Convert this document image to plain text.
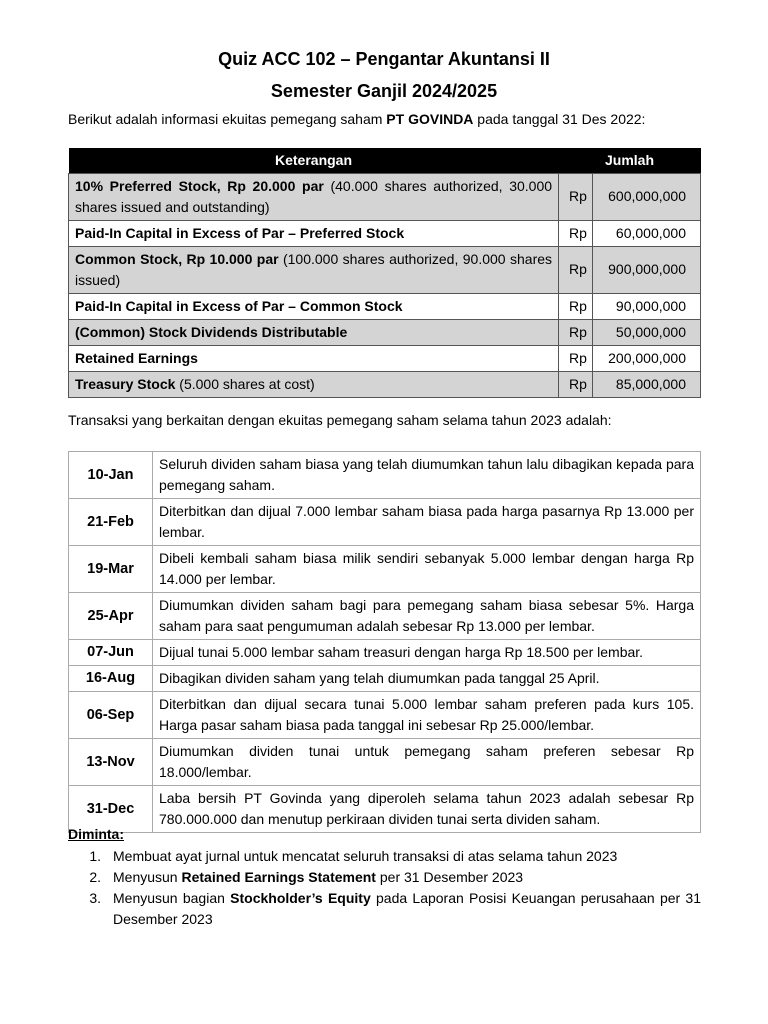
Quiz ACC 102 – Pengantar Akuntansi II
Semester Ganjil 2024/2025
Berikut adalah informasi ekuitas pemegang saham PT GOVINDA pada tanggal 31 Des 2022:
Keterangan	Jumlah	
10% Preferred Stock, Rp 20.000 par (40.000 shares authorized, 30.000 shares issued and outstanding)	Rp	600,000,000
Paid-In Capital in Excess of Par – Preferred Stock	Rp	60,000,000
Common Stock, Rp 10.000 par (100.000 shares authorized, 90.000 shares issued)	Rp	900,000,000
Paid-In Capital in Excess of Par – Common Stock	Rp	90,000,000
(Common) Stock Dividends Distributable	Rp	50,000,000
Retained Earnings	Rp	200,000,000
Treasury Stock (5.000 shares at cost)	Rp	85,000,000
Transaksi yang berkaitan dengan ekuitas pemegang saham selama tahun 2023 adalah:
10-Jan	Seluruh dividen saham biasa yang telah diumumkan tahun lalu dibagikan kepada para pemegang saham.
21-Feb	Diterbitkan dan dijual 7.000 lembar saham biasa pada harga pasarnya Rp 13.000 per lembar.
19-Mar	Dibeli kembali saham biasa milik sendiri sebanyak 5.000 lembar dengan harga Rp 14.000 per lembar.
25-Apr	Diumumkan dividen saham bagi para pemegang saham biasa sebesar 5%. Harga saham para saat pengumuman adalah sebesar Rp 13.000 per lembar.
07-Jun	Dijual tunai 5.000 lembar saham treasuri dengan harga Rp 18.500 per lembar.
16-Aug	Dibagikan dividen saham yang telah diumumkan pada tanggal 25 April.
06-Sep	Diterbitkan dan dijual secara tunai 5.000 lembar saham preferen pada kurs 105. Harga pasar saham biasa pada tanggal ini sebesar Rp 25.000/lembar.
13-Nov	Diumumkan dividen tunai untuk pemegang saham preferen sebesar Rp 18.000/lembar.
31-Dec	Laba bersih PT Govinda yang diperoleh selama tahun 2023 adalah sebesar Rp 780.000.000 dan menutup perkiraan dividen tunai serta dividen saham.
Diminta:
1. Membuat ayat jurnal untuk mencatat seluruh transaksi di atas selama tahun 2023
2. Menyusun Retained Earnings Statement per 31 Desember 2023
3. Menyusun bagian Stockholder’s Equity pada Laporan Posisi Keuangan perusahaan per 31 Desember 2023
